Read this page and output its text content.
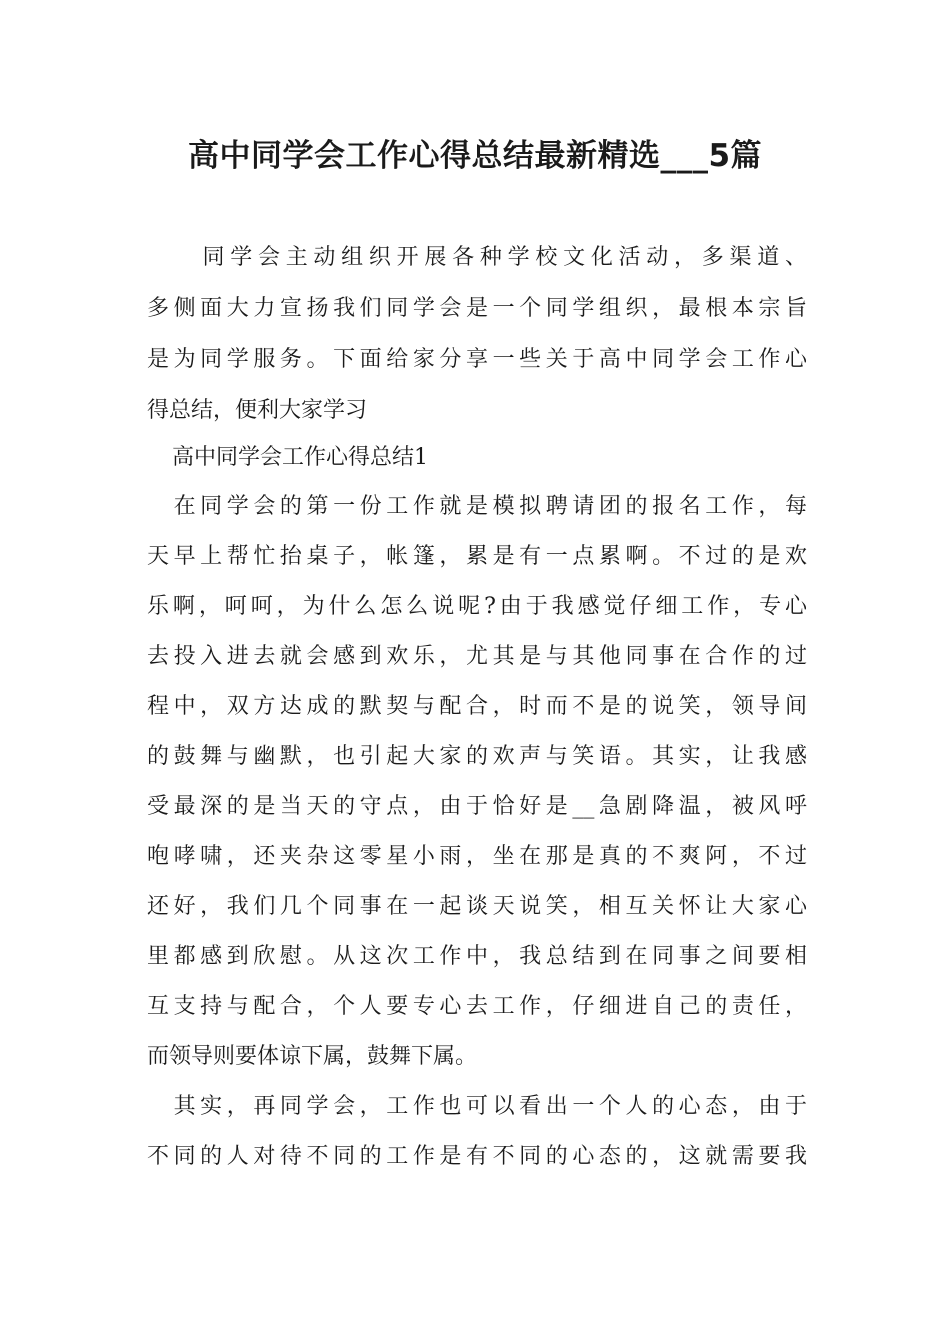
高中同学会工作心得总结最新精选___5篇
　　同学会主动组织开展各种学校文化活动，多渠道、
多侧面大力宣扬我们同学会是一个同学组织，最根本宗旨
是为同学服务。下面给家分享一些关于高中同学会工作心
得总结，便利大家学习
高中同学会工作心得总结1
　在同学会的第一份工作就是模拟聘请团的报名工作，每
天早上帮忙抬桌子，帐篷，累是有一点累啊。不过的是欢
乐啊，呵呵，为什么怎么说呢?由于我感觉仔细工作，专心
去投入进去就会感到欢乐，尤其是与其他同事在合作的过
程中，双方达成的默契与配合，时而不是的说笑，领导间
的鼓舞与幽默，也引起大家的欢声与笑语。其实，让我感
受最深的是当天的守点，由于恰好是__急剧降温，被风呼
咆哮啸，还夹杂这零星小雨，坐在那是真的不爽阿，不过
还好，我们几个同事在一起谈天说笑，相互关怀让大家心
里都感到欣慰。从这次工作中，我总结到在同事之间要相
互支持与配合，个人要专心去工作，仔细进自己的责任，
而领导则要体谅下属，鼓舞下属。
　其实，再同学会，工作也可以看出一个人的心态，由于
不同的人对待不同的工作是有不同的心态的，这就需要我
